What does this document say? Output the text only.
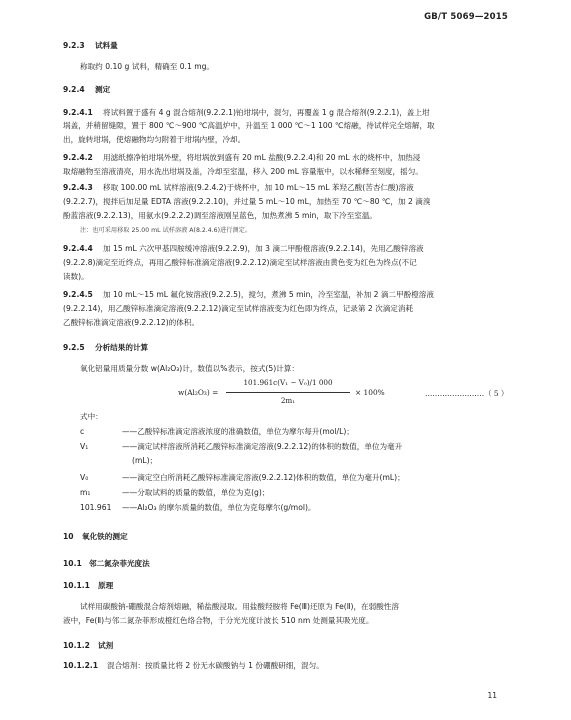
GB/T 5069—2015
9.2.3 试料量
称取约 0.10 g 试料，精确至 0.1 mg。
9.2.4 测定
9.2.4.1 将试料置于盛有 4 g 混合熔剂(9.2.2.1)铂坩埚中，混匀，再覆盖 1 g 混合熔剂(9.2.2.1)，盖上坩
埚盖，并稍留缝隙，置于 800 ℃～900 ℃高温炉中，升温至 1 000 ℃～1 100 ℃熔融，待试样完全熔解，取
出，旋转坩埚，使熔融物均匀附着于坩埚内壁，冷却。
9.2.4.2 用滤纸擦净铂坩埚外壁，将坩埚放到盛有 20 mL 盐酸(9.2.2.4)和 20 mL 水的烧杯中，加热浸
取熔融物至溶液清亮，用水洗出坩埚及盖，冷却至室温，移入 200 mL 容量瓶中，以水稀释至刻度，摇匀。
9.2.4.3 移取 100.00 mL 试样溶液(9.2.4.2)于烧杯中，加 10 mL～15 mL 苯羟乙酸(苦杏仁酸)溶液
(9.2.2.7)，搅拌后加足量 EDTA 溶液(9.2.2.10)，并过量 5 mL～10 mL，加热至 70 ℃～80 ℃，加 2 滴溴
酚蓝溶液(9.2.2.13)，用氨水(9.2.2.2)调至溶液刚呈蓝色，加热煮沸 5 min，取下冷至室温。
注：也可采用移取 25.00 mL 试样溶液 A(8.2.4.6)进行测定。
9.2.4.4 加 15 mL 六次甲基四胺缓冲溶液(9.2.2.9)，加 3 滴二甲酚橙溶液(9.2.2.14)，先用乙酸锌溶液
(9.2.2.8)滴定至近终点，再用乙酸锌标准滴定溶液(9.2.2.12)滴定至试样溶液由黄色变为红色为终点(不记
读数)。
9.2.4.5 加 10 mL～15 mL 氟化铵溶液(9.2.2.5)，搅匀，煮沸 5 min，冷至室温，补加 2 滴二甲酚橙溶液
(9.2.2.14)，用乙酸锌标准滴定溶液(9.2.2.12)滴定至试样溶液变为红色即为终点，记录第 2 次滴定消耗
乙酸锌标准滴定溶液(9.2.2.12)的体积。
9.2.5 分析结果的计算
氧化铝量用质量分数 w(Al₂O₃)计，数值以%表示，按式(5)计算：
w(Al₂O₃) =
101.961c(V₁ − V₀)/1 000
2m₁
× 100%	……………………（ 5 ）
式中：
c	——乙酸锌标准滴定溶液浓度的准确数值，单位为摩尔每升(mol/L)；
V₁	——滴定试样溶液所消耗乙酸锌标准滴定溶液(9.2.2.12)的体积的数值，单位为毫升
(mL)；
V₀	——滴定空白所消耗乙酸锌标准滴定溶液(9.2.2.12)体积的数值，单位为毫升(mL)；
m₁	——分取试料的质量的数值，单位为克(g)；
101.961 ——Al₂O₃ 的摩尔质量的数值，单位为克每摩尔(g/mol)。
10 氧化铁的测定
10.1 邻二氮杂菲光度法
10.1.1 原理
试样用碳酸钠-硼酸混合熔剂熔融，稀盐酸浸取。用盐酸羟胺将 Fe(Ⅲ)还原为 Fe(Ⅱ)，在弱酸性溶
液中，Fe(Ⅱ)与邻二氮杂菲形成橙红色络合物，于分光光度计波长 510 nm 处测量其吸光度。
10.1.2 试剂
10.1.2.1 混合熔剂：按质量比将 2 份无水碳酸钠与 1 份硼酸研细，混匀。
11
